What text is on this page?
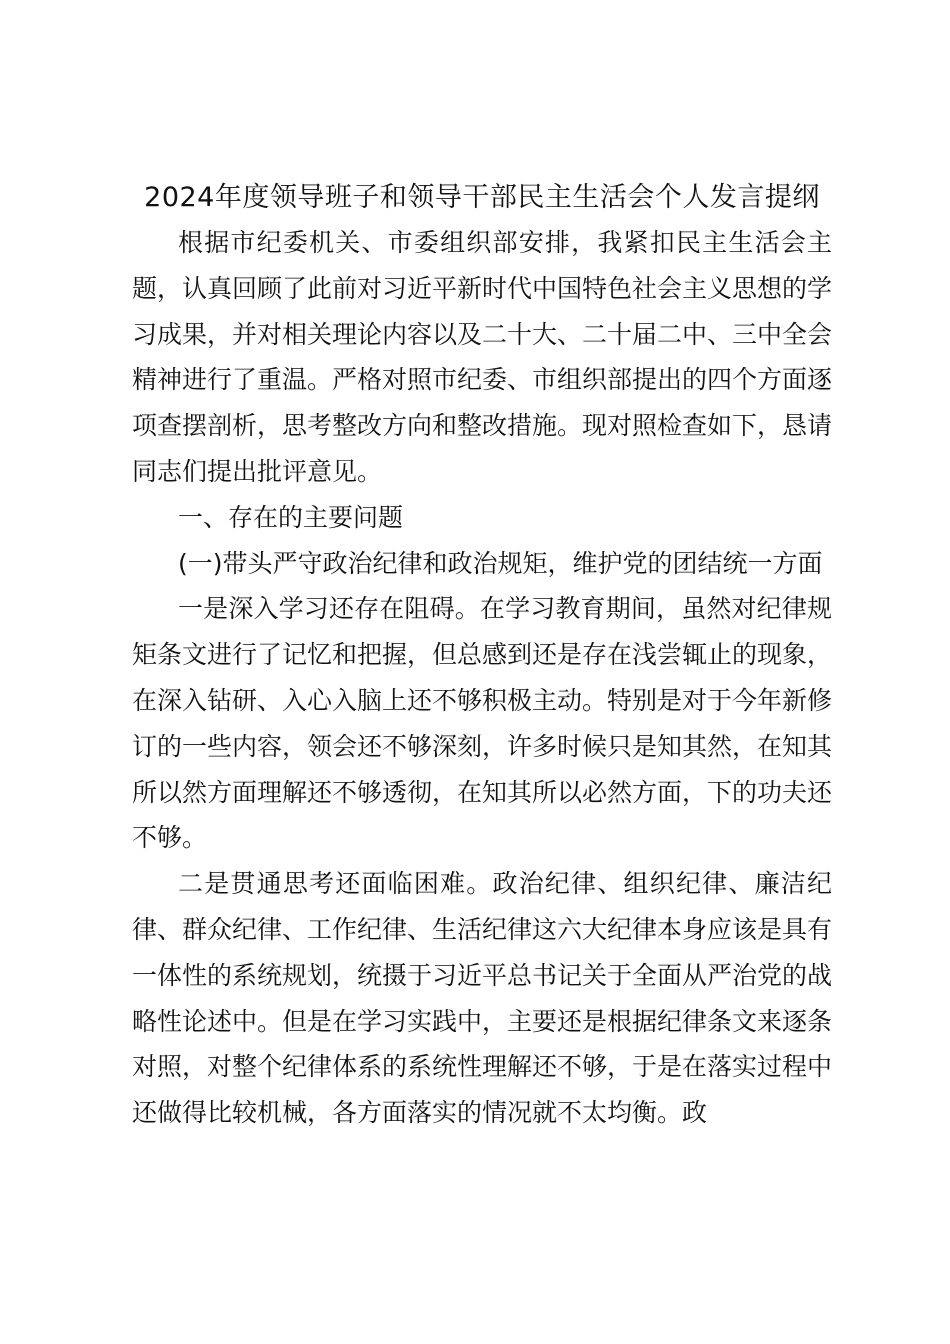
2024年度领导班子和领导干部民主生活会个人发言提纲

根据市纪委机关、市委组织部安排，我紧扣民主生活会主题，认真回顾了此前对习近平新时代中国特色社会主义思想的学习成果，并对相关理论内容以及二十大、二十届二中、三中全会精神进行了重温。严格对照市纪委、市组织部提出的四个方面逐项查摆剖析，思考整改方向和整改措施。现对照检查如下，恳请同志们提出批评意见。

一、存在的主要问题

(一)带头严守政治纪律和政治规矩，维护党的团结统一方面

一是深入学习还存在阻碍。在学习教育期间，虽然对纪律规矩条文进行了记忆和把握，但总感到还是存在浅尝辄止的现象，在深入钻研、入心入脑上还不够积极主动。特别是对于今年新修订的一些内容，领会还不够深刻，许多时候只是知其然，在知其所以然方面理解还不够透彻，在知其所以必然方面，下的功夫还不够。

二是贯通思考还面临困难。政治纪律、组织纪律、廉洁纪律、群众纪律、工作纪律、生活纪律这六大纪律本身应该是具有一体性的系统规划，统摄于习近平总书记关于全面从严治党的战略性论述中。但是在学习实践中，主要还是根据纪律条文来逐条对照，对整个纪律体系的系统性理解还不够，于是在落实过程中还做得比较机械，各方面落实的情况就不太均衡。政
